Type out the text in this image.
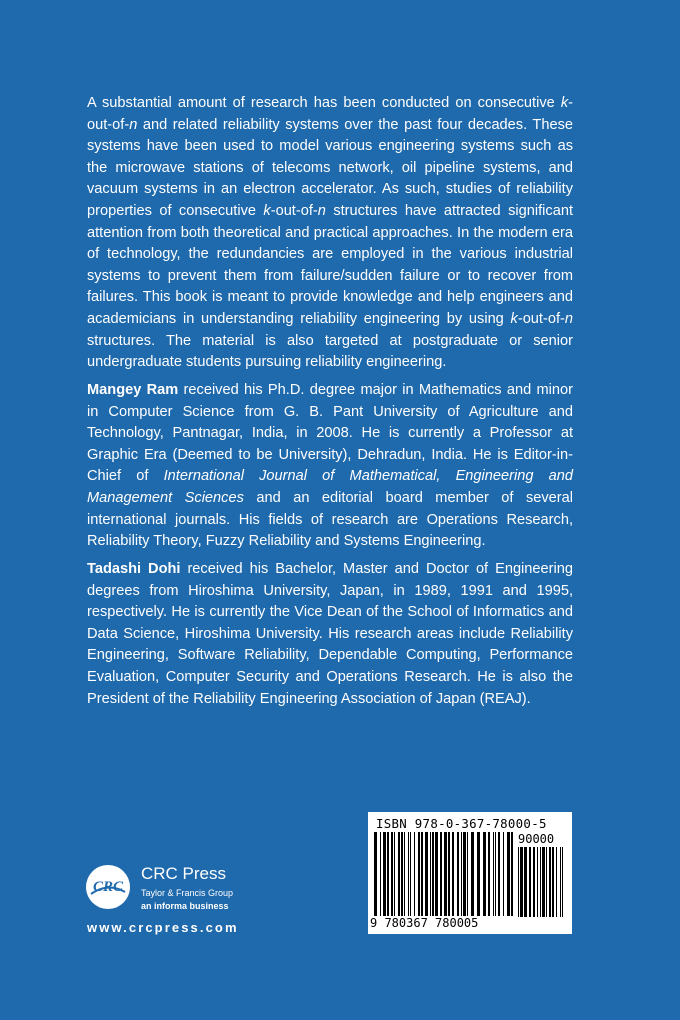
A substantial amount of research has been conducted on consecutive k-out-of-n and related reliability systems over the past four decades. These systems have been used to model various engineering systems such as the microwave stations of telecoms network, oil pipeline systems, and vacuum systems in an electron accelerator. As such, studies of reliability properties of consecutive k-out-of-n structures have attracted significant attention from both theoretical and practical approaches. In the modern era of technology, the redundancies are employed in the various industrial systems to prevent them from failure/sudden failure or to recover from failures. This book is meant to provide knowledge and help engineers and academicians in understanding reliability engineering by using k-out-of-n structures. The material is also targeted at postgraduate or senior undergraduate students pursuing reliability engineering.

Mangey Ram received his Ph.D. degree major in Mathematics and minor in Computer Science from G. B. Pant University of Agriculture and Technology, Pantnagar, India, in 2008. He is currently a Professor at Graphic Era (Deemed to be University), Dehradun, India. He is Editor-in-Chief of International Journal of Mathematical, Engineering and Management Sciences and an editorial board member of several international journals. His fields of research are Operations Research, Reliability Theory, Fuzzy Reliability and Systems Engineering.

Tadashi Dohi received his Bachelor, Master and Doctor of Engineering degrees from Hiroshima University, Japan, in 1989, 1991 and 1995, respectively. He is currently the Vice Dean of the School of Informatics and Data Science, Hiroshima University. His research areas include Reliability Engineering, Software Reliability, Dependable Computing, Performance Evaluation, Computer Security and Operations Research. He is also the President of the Reliability Engineering Association of Japan (REAJ).

ISBN 978-0-367-78000-5
90000
9 780367 780005
CRC
CRC Press
Taylor & Francis Group
an informa business
www.crcpress.com
